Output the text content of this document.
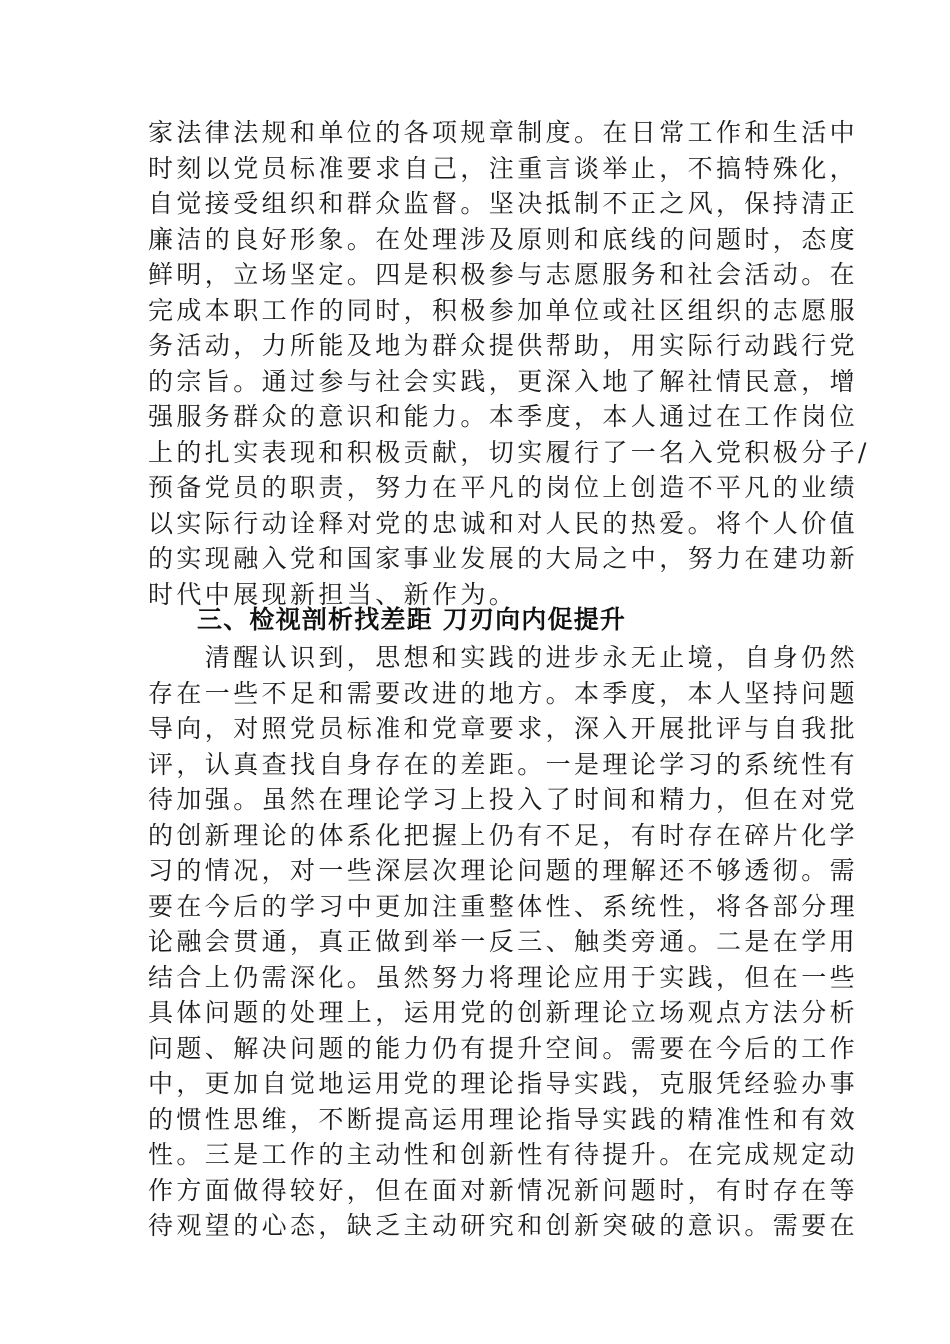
家法律法规和单位的各项规章制度。在日常工作和生活中
时刻以党员标准要求自己，注重言谈举止，不搞特殊化，
自觉接受组织和群众监督。坚决抵制不正之风，保持清正
廉洁的良好形象。在处理涉及原则和底线的问题时，态度
鲜明，立场坚定。四是积极参与志愿服务和社会活动。在
完成本职工作的同时，积极参加单位或社区组织的志愿服
务活动，力所能及地为群众提供帮助，用实际行动践行党
的宗旨。通过参与社会实践，更深入地了解社情民意，增
强服务群众的意识和能力。本季度，本人通过在工作岗位
上的扎实表现和积极贡献，切实履行了一名入党积极分子/
预备党员的职责，努力在平凡的岗位上创造不平凡的业绩
以实际行动诠释对党的忠诚和对人民的热爱。将个人价值
的实现融入党和国家事业发展的大局之中，努力在建功新
时代中展现新担当、新作为。
三、检视剖析找差距 刀刃向内促提升
　　清醒认识到，思想和实践的进步永无止境，自身仍然
存在一些不足和需要改进的地方。本季度，本人坚持问题
导向，对照党员标准和党章要求，深入开展批评与自我批
评，认真查找自身存在的差距。一是理论学习的系统性有
待加强。虽然在理论学习上投入了时间和精力，但在对党
的创新理论的体系化把握上仍有不足，有时存在碎片化学
习的情况，对一些深层次理论问题的理解还不够透彻。需
要在今后的学习中更加注重整体性、系统性，将各部分理
论融会贯通，真正做到举一反三、触类旁通。二是在学用
结合上仍需深化。虽然努力将理论应用于实践，但在一些
具体问题的处理上，运用党的创新理论立场观点方法分析
问题、解决问题的能力仍有提升空间。需要在今后的工作
中，更加自觉地运用党的理论指导实践，克服凭经验办事
的惯性思维，不断提高运用理论指导实践的精准性和有效
性。三是工作的主动性和创新性有待提升。在完成规定动
作方面做得较好，但在面对新情况新问题时，有时存在等
待观望的心态，缺乏主动研究和创新突破的意识。需要在
